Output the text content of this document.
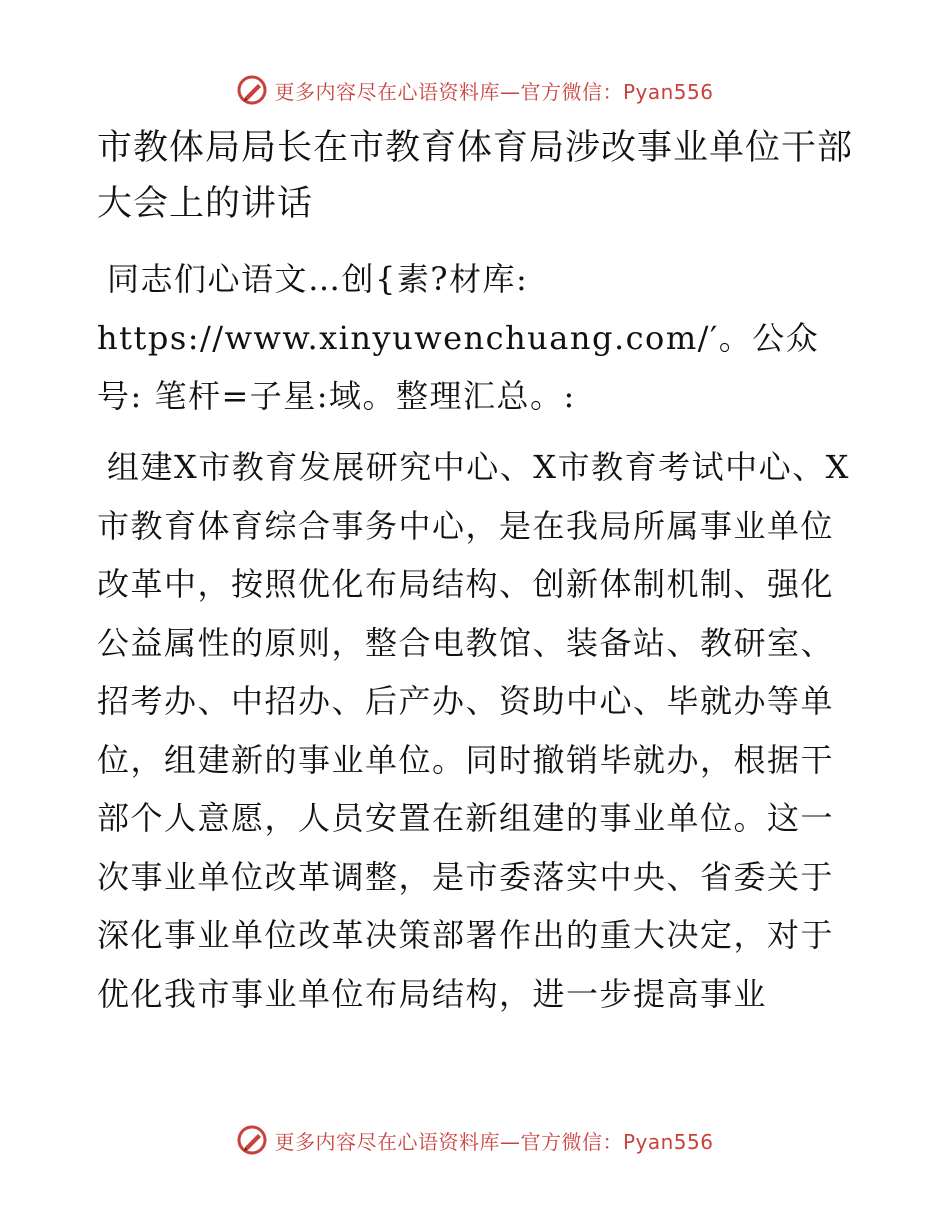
更多内容尽在心语资料库—官方微信：Pyan556
市教体局局长在市教育体育局涉改事业单位干部大会上的讲话

同志们心语文…创{素?材库: https://www.xinyuwenchuang.com/′。公众号: 笔杆=子星:域。整理汇总。:

组建X市教育发展研究中心、X市教育考试中心、X市教育体育综合事务中心，是在我局所属事业单位改革中，按照优化布局结构、创新体制机制、强化公益属性的原则，整合电教馆、装备站、教研室、招考办、中招办、后产办、资助中心、毕就办等单位，组建新的事业单位。同时撤销毕就办，根据干部个人意愿，人员安置在新组建的事业单位。这一次事业单位改革调整，是市委落实中央、省委关于深化事业单位改革决策部署作出的重大决定，对于优化我市事业单位布局结构，进一步提高事业

更多内容尽在心语资料库—官方微信：Pyan556
